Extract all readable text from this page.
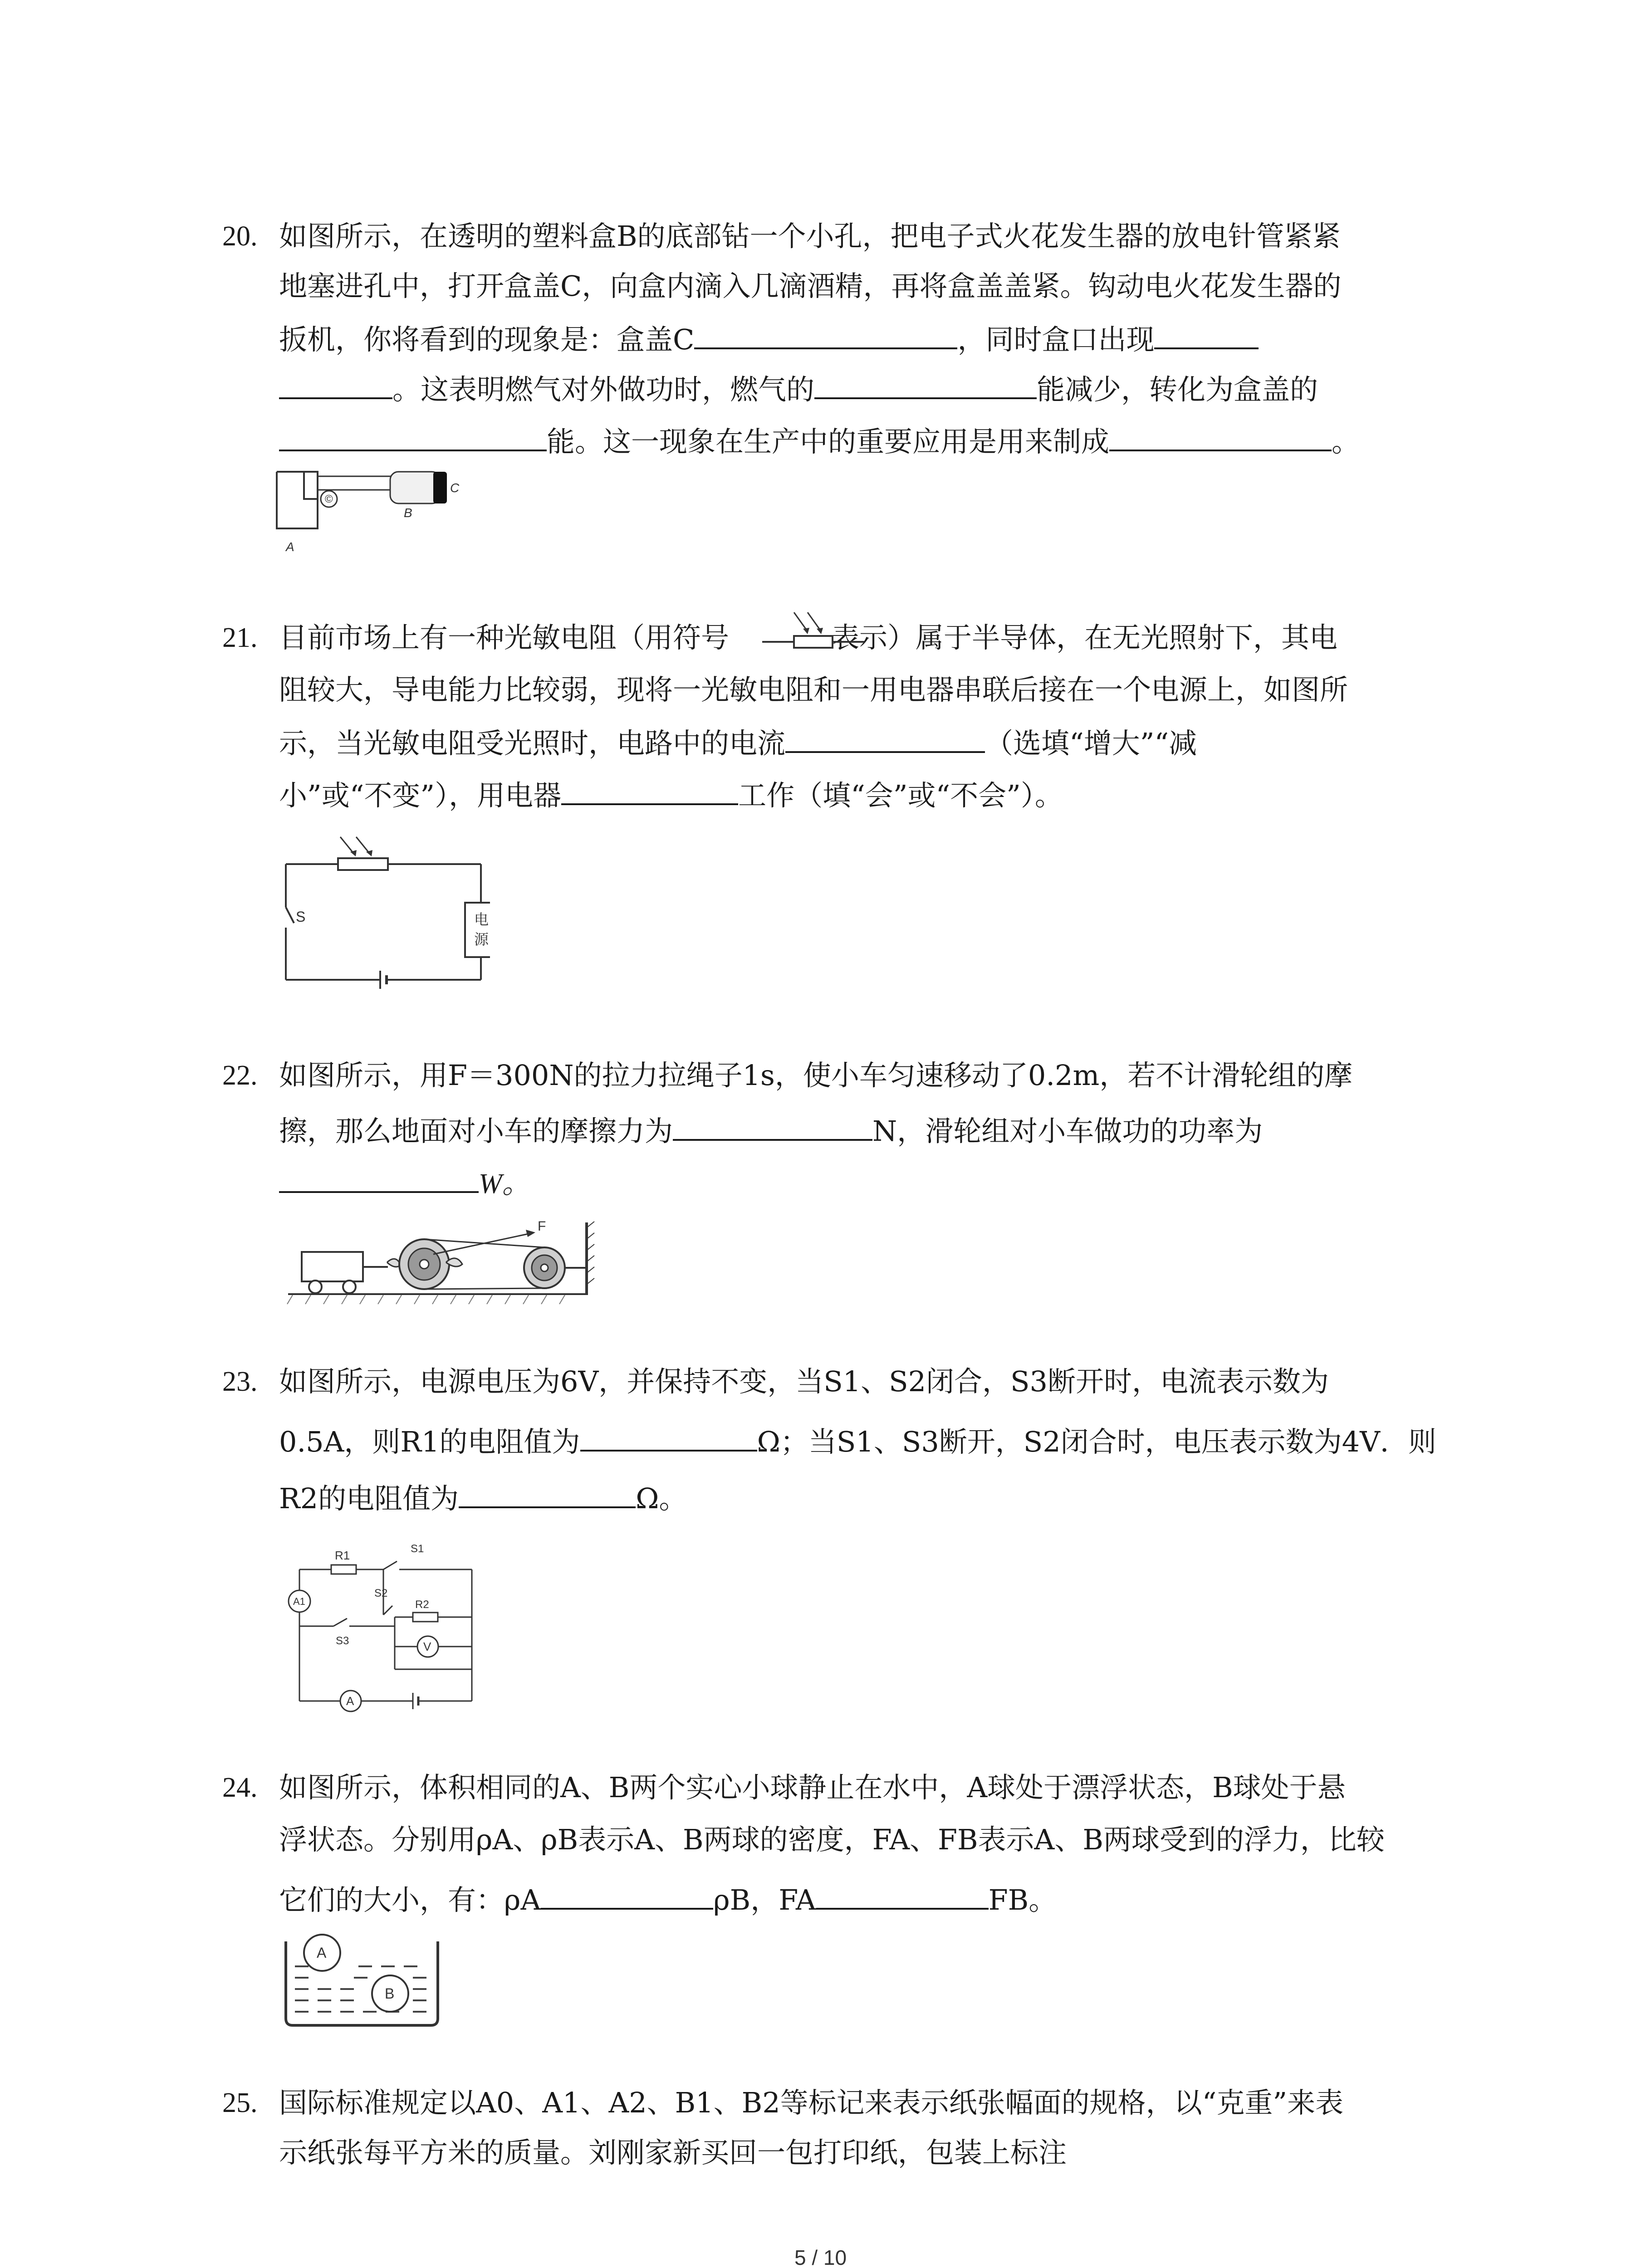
20. 如图所示，在透明的塑料盒B的底部钻一个小孔，把电子式火花发生器的放电针管紧紧
地塞进孔中，打开盒盖C，向盒内滴入几滴酒精，再将盒盖盖紧。钩动电火花发生器的
扳机，你将看到的现象是：盒盖C	，同时盒口出现
。这表明燃气对外做功时，燃气的	能减少，转化为盒盖的
能。这一现象在生产中的重要应用是用来制成	。
©
A
B
C
21. 目前市场上有一种光敏电阻（用符号	表示）属于半导体，在无光照射下，其电
阻较大，导电能力比较弱，现将一光敏电阻和一用电器串联后接在一个电源上，如图所
示，当光敏电阻受光照时，电路中的电流	（选填“增大”“减
小”或“不变”），用电器	工作（填“会”或“不会”）。
S	电
源
22. 如图所示，用F＝300N的拉力拉绳子1s，使小车匀速移动了0.2m，若不计滑轮组的摩
擦，那么地面对小车的摩擦力为	N，滑轮组对小车做功的功率为
W。
F
23. 如图所示，电源电压为6V，并保持不变，当S1、S2闭合，S3断开时，电流表示数为
0.5A，则R1的电阻值为	Ω；当S1、S3断开，S2闭合时，电压表示数为4V．则
R2的电阻值为	Ω。
R1	S1
A1
S2
S3
R2
V
A
24. 如图所示，体积相同的A、B两个实心小球静止在水中，A球处于漂浮状态，B球处于悬
浮状态。分别用ρA、ρB表示A、B两球的密度，FA、FB表示A、B两球受到的浮力，比较
它们的大小，有：ρA	ρB，FA	FB。
A
B
25. 国际标准规定以A0、A1、A2、B1、B2等标记来表示纸张幅面的规格，以“克重”来表
示纸张每平方米的质量。刘刚家新买回一包打印纸，包装上标注
5 / 10
